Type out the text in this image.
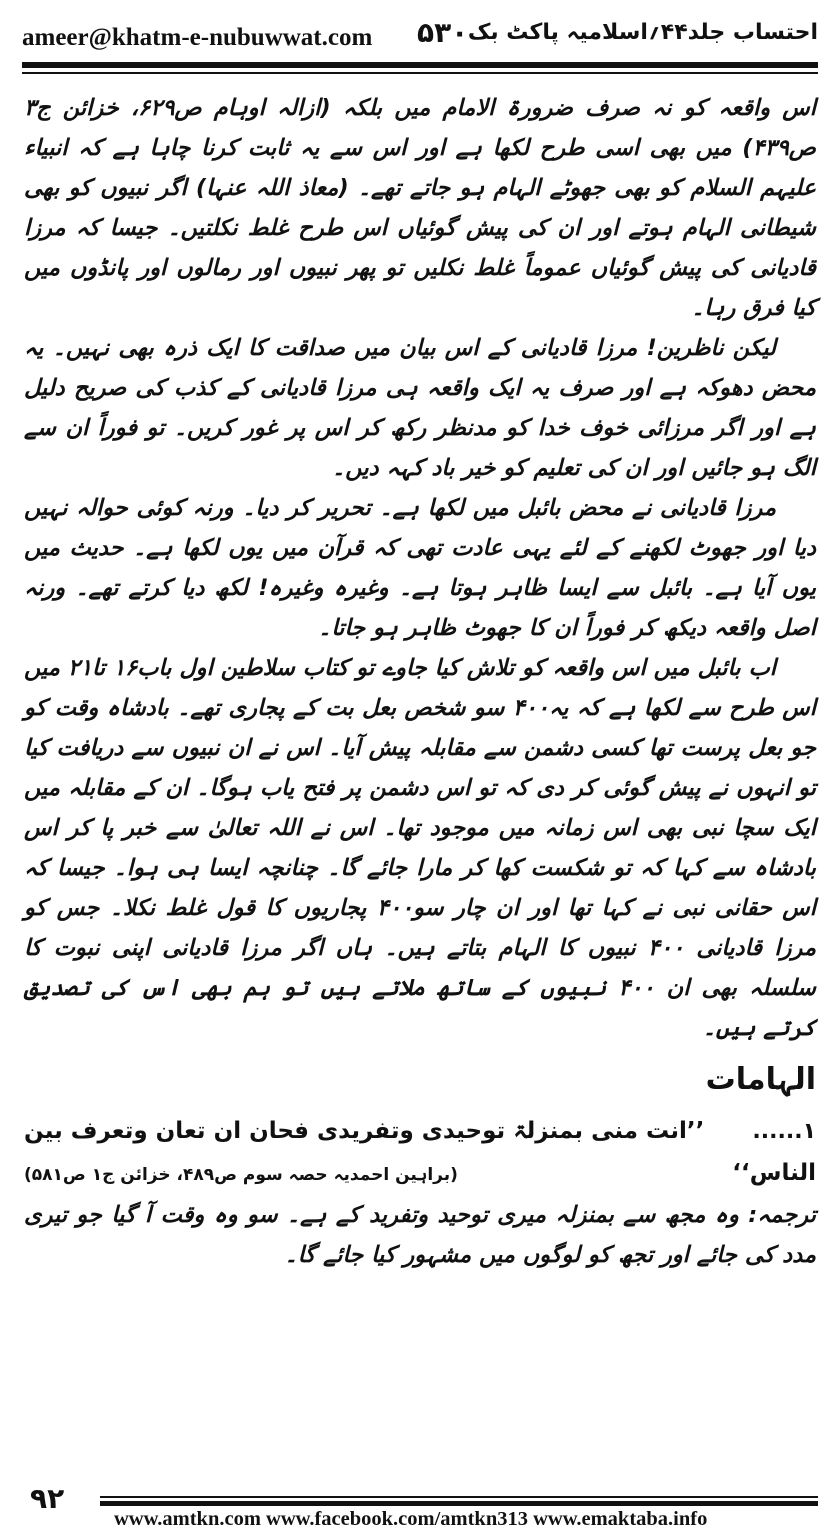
ameer@khatm-e-nubuwwat.com ۵۳۰ احتساب جلد۴۴؍اسلامیہ پاکٹ بک

اس واقعہ کو نہ صرف ضرورۃ الامام میں بلکہ (ازالہ اوہام ص۶۲۹، خزائن ج۳ ص۴۳۹) میں بھی اسی طرح لکھا ہے اور اس سے یہ ثابت کرنا چاہا ہے کہ انبیاء علیہم السلام کو بھی جھوٹے الہام ہو جاتے تھے۔ (معاذ اللہ عنہا) اگر نبیوں کو بھی شیطانی الہام ہوتے اور ان کی پیش گوئیاں اس طرح غلط نکلتیں۔ جیسا کہ مرزا قادیانی کی پیش گوئیاں عموماً غلط نکلیں تو پھر نبیوں اور رمالوں اور پانڈوں میں کیا فرق رہا۔

لیکن ناظرین! مرزا قادیانی کے اس بیان میں صداقت کا ایک ذرہ بھی نہیں۔ یہ محض دھوکہ ہے اور صرف یہ ایک واقعہ ہی مرزا قادیانی کے کذب کی صریح دلیل ہے اور اگر مرزائی خوف خدا کو مدنظر رکھ کر اس پر غور کریں۔ تو فوراً ان سے الگ ہو جائیں اور ان کی تعلیم کو خیر باد کہہ دیں۔

مرزا قادیانی نے محض بائبل میں لکھا ہے۔ تحریر کر دیا۔ ورنہ کوئی حوالہ نہیں دیا اور جھوٹ لکھنے کے لئے یہی عادت تھی کہ قرآن میں یوں لکھا ہے۔ حدیث میں یوں آیا ہے۔ بائبل سے ایسا ظاہر ہوتا ہے۔ وغیرہ وغیرہ! لکھ دیا کرتے تھے۔ ورنہ اصل واقعہ دیکھ کر فوراً ان کا جھوٹ ظاہر ہو جاتا۔

اب بائبل میں اس واقعہ کو تلاش کیا جاوے تو کتاب سلاطین اول باب۱۶ تا۲۱ میں اس طرح سے لکھا ہے کہ یہ۴۰۰ سو شخص بعل بت کے پجاری تھے۔ بادشاہ وقت کو جو بعل پرست تھا کسی دشمن سے مقابلہ پیش آیا۔ اس نے ان نبیوں سے دریافت کیا تو انہوں نے پیش گوئی کر دی کہ تو اس دشمن پر فتح یاب ہوگا۔ ان کے مقابلہ میں ایک سچا نبی بھی اس زمانہ میں موجود تھا۔ اس نے اللہ تعالیٰ سے خبر پا کر اس بادشاہ سے کہا کہ تو شکست کھا کر مارا جائے گا۔ چنانچہ ایسا ہی ہوا۔ جیسا کہ اس حقانی نبی نے کہا تھا اور ان چار سو۴۰۰ پجاریوں کا قول غلط نکلا۔ جس کو مرزا قادیانی ۴۰۰ نبیوں کا الہام بتاتے ہیں۔ ہاں اگر مرزا قادیانی اپنی نبوت کا سلسلہ بھی ان ۴۰۰ نبیوں کے ساتھ ملاتے ہیں تو ہم بھی اس کی تصدیق کرتے ہیں۔

الہامات
۱......
’’انت منی بمنزلۃ توحیدی وتفریدی فحان ان تعان وتعرف بین
الناس‘‘
(براہین احمدیہ حصہ سوم ص۴۸۹، خزائن ج۱ ص۵۸۱)

ترجمہ: وہ مجھ سے بمنزلہ میری توحید وتفرید کے ہے۔ سو وہ وقت آ گیا جو تیری مدد کی جائے اور تجھ کو لوگوں میں مشہور کیا جائے گا۔

۹۲
www.amtkn.com www.facebook.com/amtkn313 www.emaktaba.info
